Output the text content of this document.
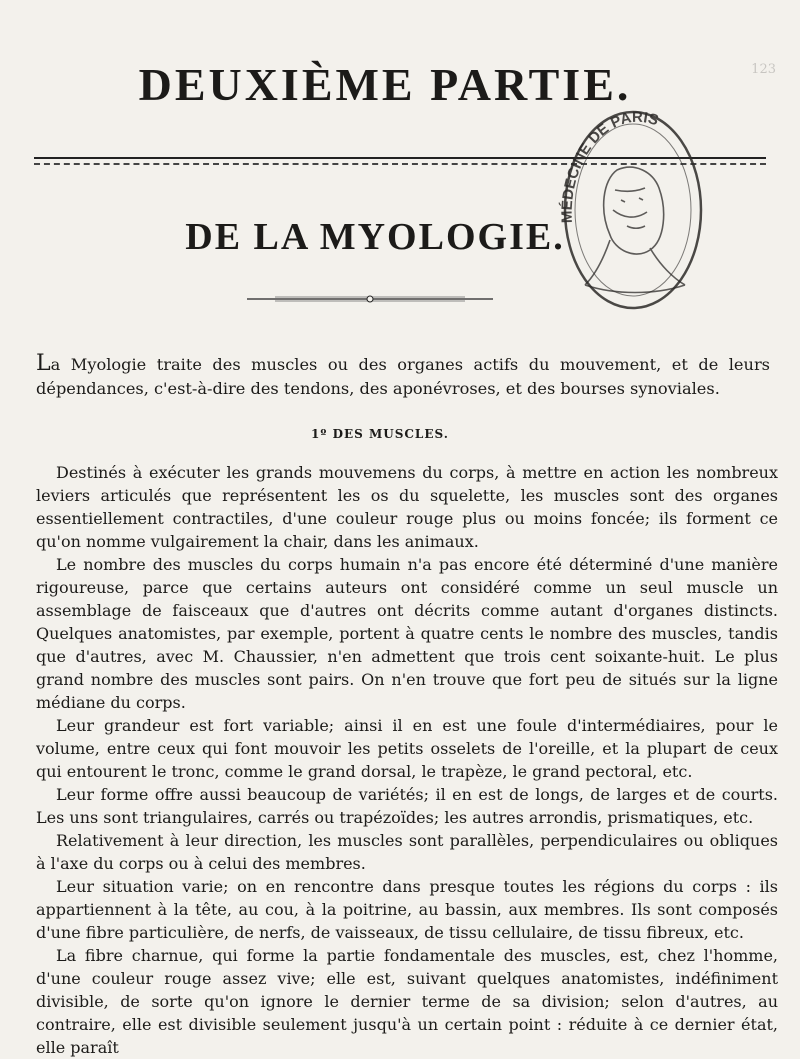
123
DEUXIÈME PARTIE.
DE LA MYOLOGIE.
MÉDECINE DE PARIS

La Myologie traite des muscles ou des organes actifs du mouvement, et de leurs dépendances, c'est-à-dire des tendons, des aponévroses, et des bourses synoviales.

1º DES MUSCLES.

Destinés à exécuter les grands mouvemens du corps, à mettre en action les nombreux leviers articulés que représentent les os du squelette, les muscles sont des organes essentiellement contractiles, d'une couleur rouge plus ou moins foncée; ils forment ce qu'on nomme vulgairement la chair, dans les animaux.

Le nombre des muscles du corps humain n'a pas encore été déterminé d'une manière rigoureuse, parce que certains auteurs ont considéré comme un seul muscle un assemblage de faisceaux que d'autres ont décrits comme autant d'organes distincts. Quelques anatomistes, par exemple, portent à quatre cents le nombre des muscles, tandis que d'autres, avec M. Chaussier, n'en admettent que trois cent soixante-huit. Le plus grand nombre des muscles sont pairs. On n'en trouve que fort peu de situés sur la ligne médiane du corps.

Leur grandeur est fort variable; ainsi il en est une foule d'intermédiaires, pour le volume, entre ceux qui font mouvoir les petits osselets de l'oreille, et la plupart de ceux qui entourent le tronc, comme le grand dorsal, le trapèze, le grand pectoral, etc.

Leur forme offre aussi beaucoup de variétés; il en est de longs, de larges et de courts. Les uns sont triangulaires, carrés ou trapézoïdes; les autres arrondis, prismatiques, etc.

Relativement à leur direction, les muscles sont parallèles, perpendiculaires ou obliques à l'axe du corps ou à celui des membres.

Leur situation varie; on en rencontre dans presque toutes les régions du corps : ils appartiennent à la tête, au cou, à la poitrine, au bassin, aux membres. Ils sont composés d'une fibre particulière, de nerfs, de vaisseaux, de tissu cellulaire, de tissu fibreux, etc.

La fibre charnue, qui forme la partie fondamentale des muscles, est, chez l'homme, d'une couleur rouge assez vive; elle est, suivant quelques anatomistes, indéfiniment divisible, de sorte qu'on ignore le dernier terme de sa division; selon d'autres, au contraire, elle est divisible seulement jusqu'à un certain point : réduite à ce dernier état, elle paraît
